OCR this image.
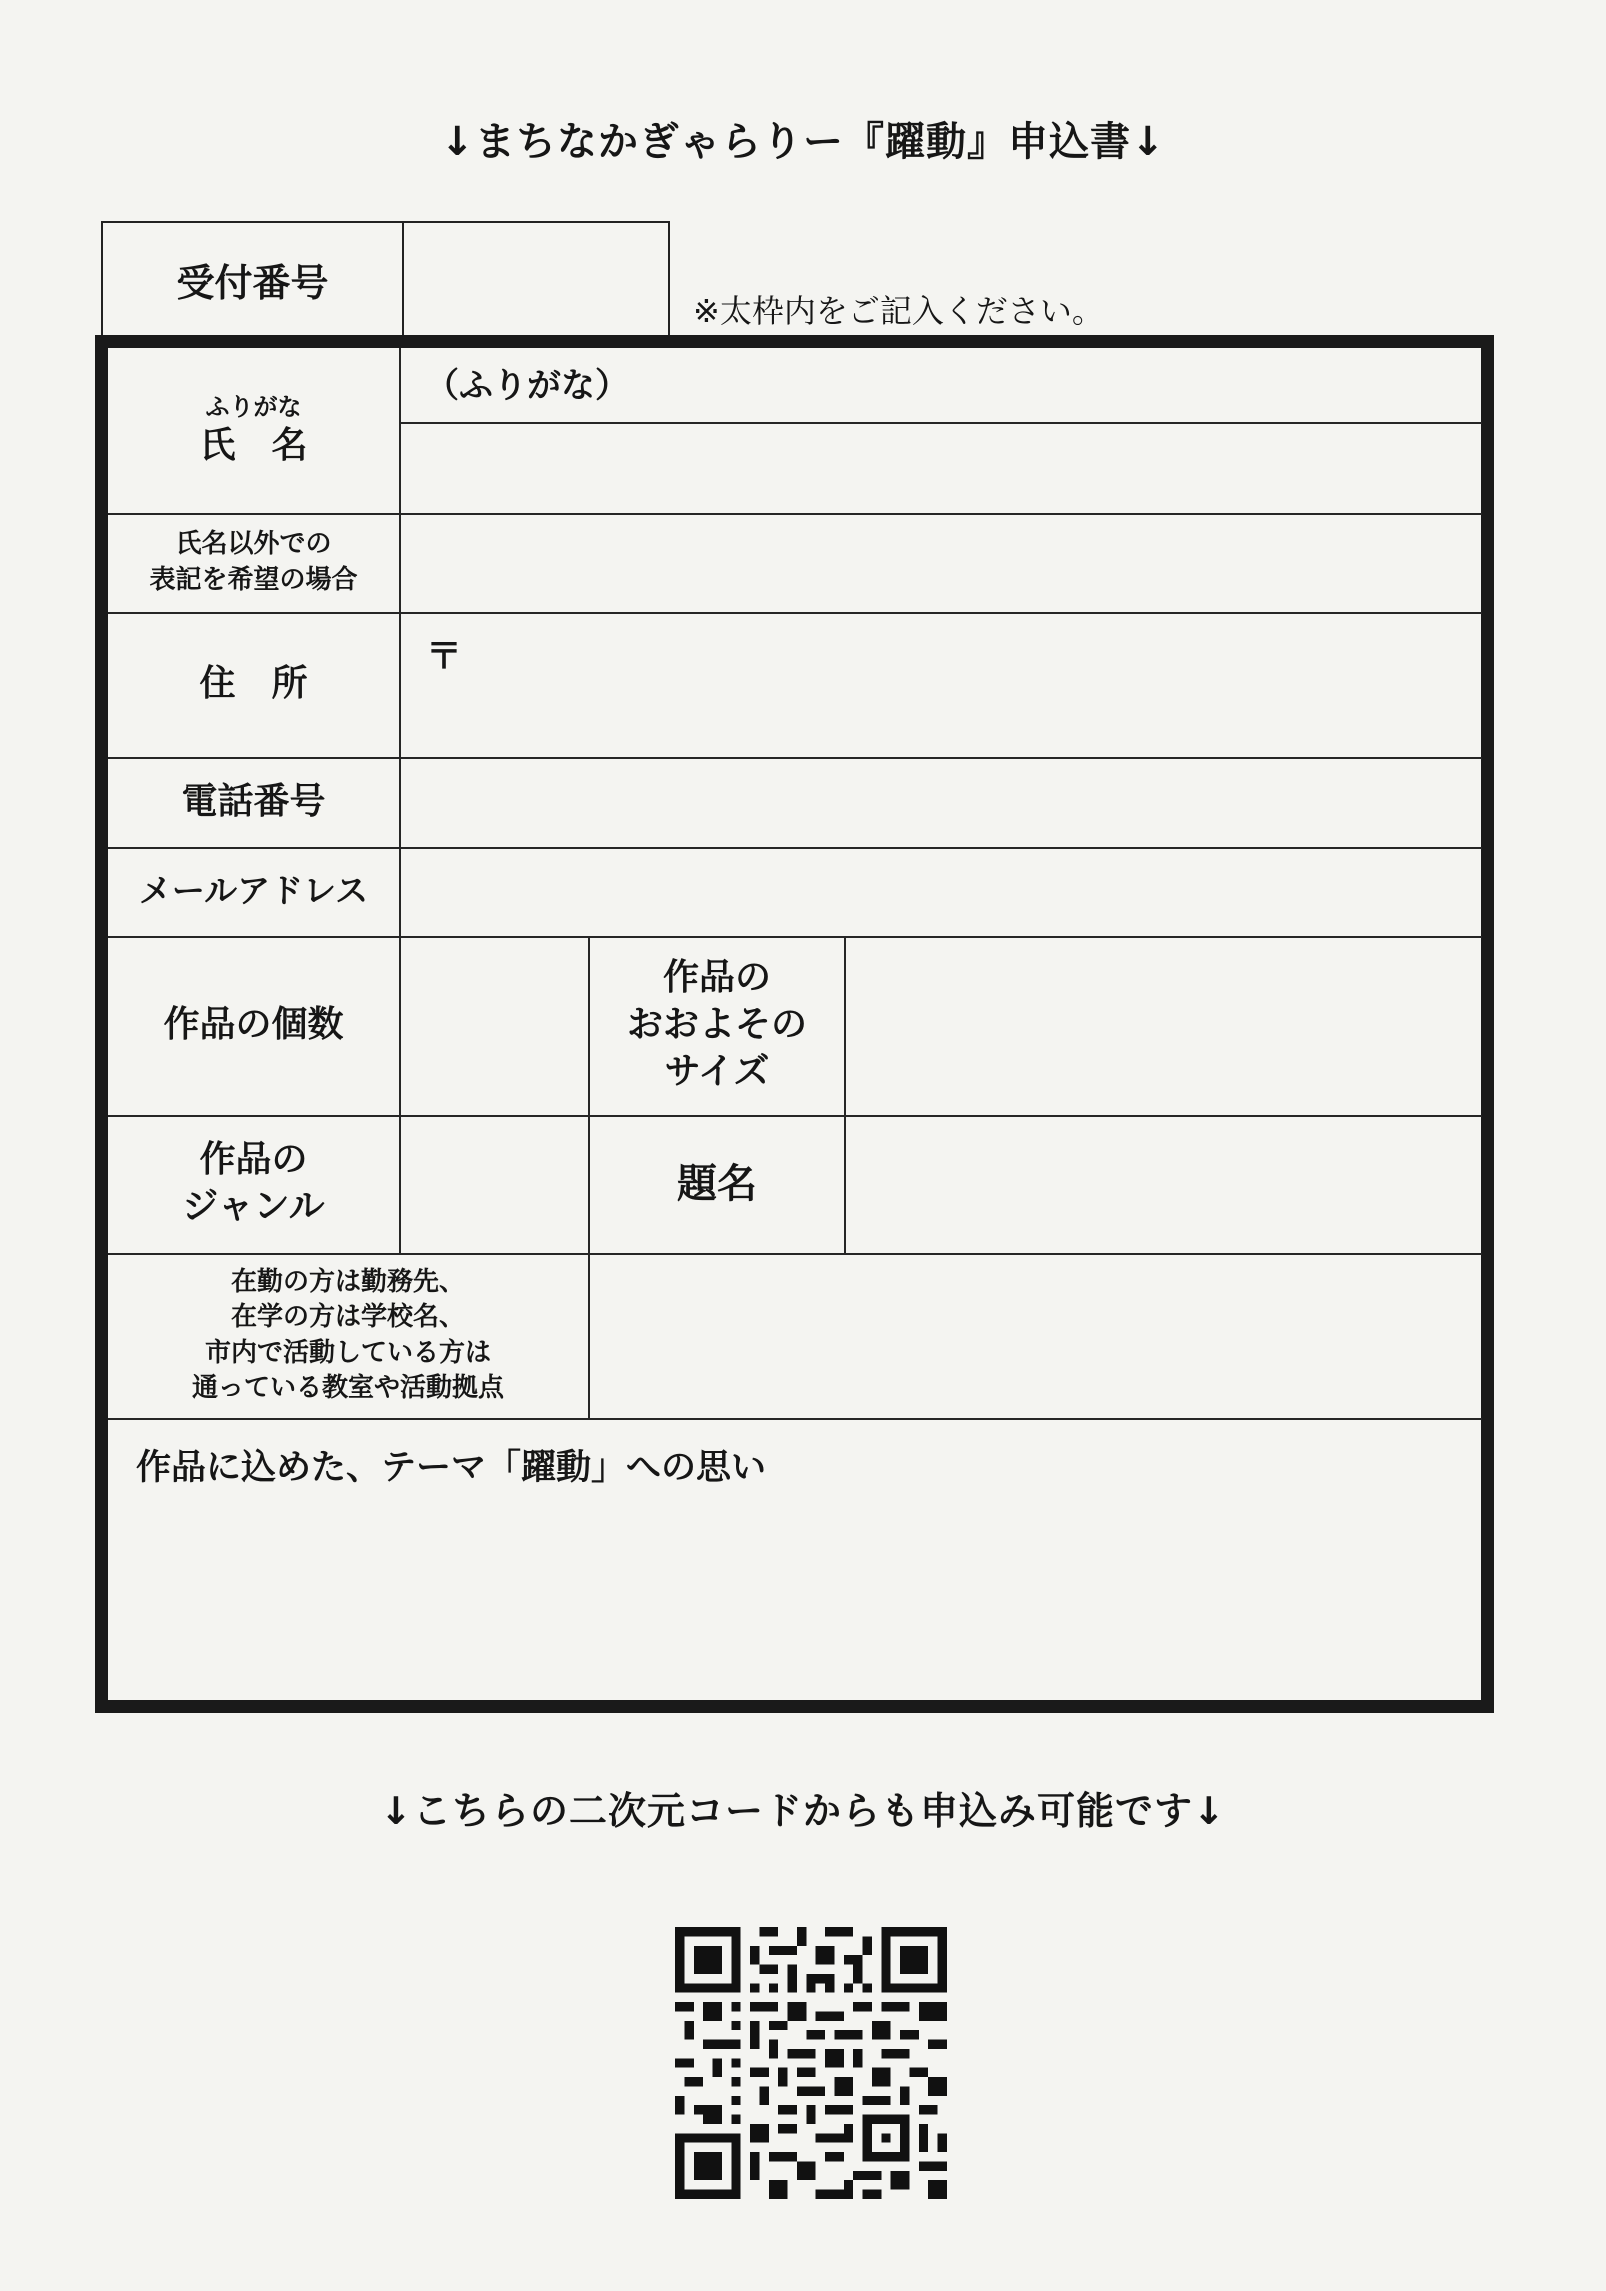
↓まちなかぎゃらりー『躍動』申込書↓
受付番号
※太枠内をご記入ください。
ふりがな
氏　名
（ふりがな）
氏名以外での
表記を希望の場合
住　所
〒
電話番号
メールアドレス
作品の個数
作品の
おおよその
サイズ
作品の
ジャンル	題名
在勤の方は勤務先、
在学の方は学校名、
市内で活動している方は
通っている教室や活動拠点
作品に込めた、テーマ「躍動」への思い
↓こちらの二次元コードからも申込み可能です↓
